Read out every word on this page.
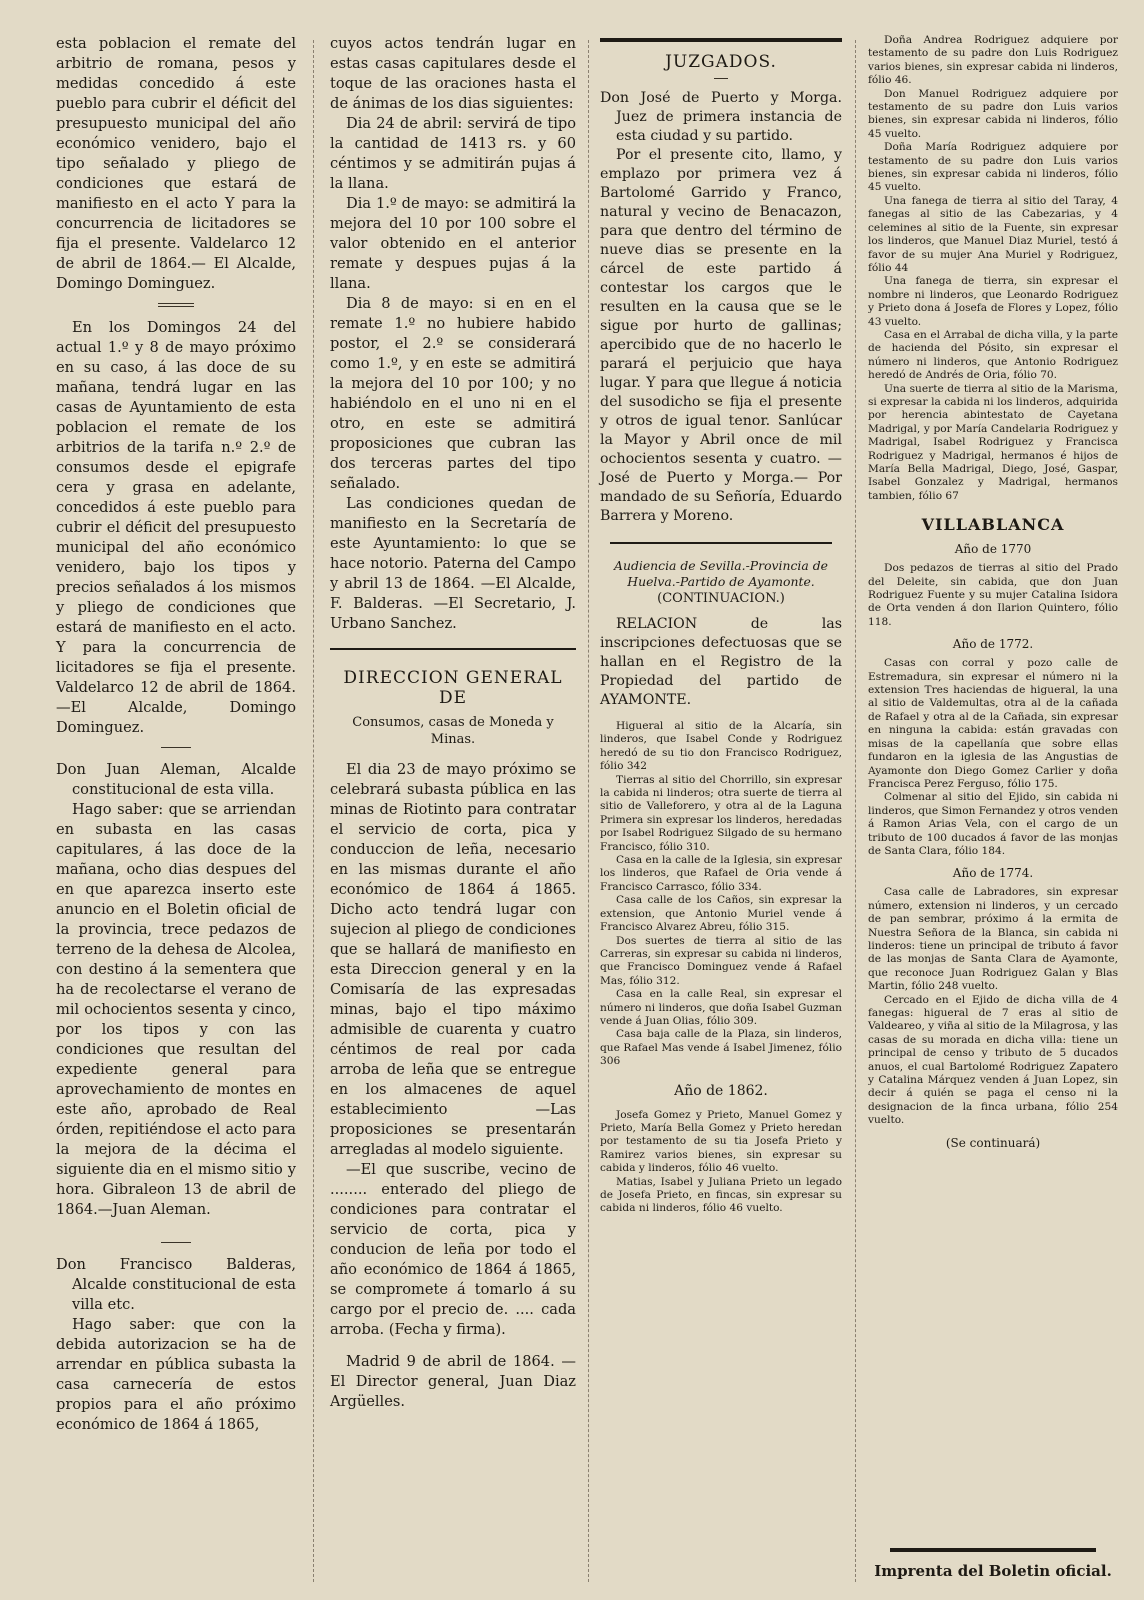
esta poblacion el remate del arbitrio de romana, pesos y medidas concedido á este pueblo para cubrir el déficit del presupuesto municipal del año económico venidero, bajo el tipo señalado y pliego de condiciones que estará de manifiesto en el acto Y para la concurrencia de licitadores se fija el presente. Valdelarco 12 de abril de 1864.— El Alcalde, Domingo Dominguez.

En los Domingos 24 del actual 1.º y 8 de mayo próximo en su caso, á las doce de su mañana, tendrá lugar en las casas de Ayuntamiento de esta poblacion el remate de los arbitrios de la tarifa n.º 2.º de consumos desde el epigrafe cera y grasa en adelante, concedidos á este pueblo para cubrir el déficit del presupuesto municipal del año económico venidero, bajo los tipos y precios señalados á los mismos y pliego de condiciones que estará de manifiesto en el acto. Y para la concurrencia de licitadores se fija el presente. Valdelarco 12 de abril de 1864. —El Alcalde, Domingo Dominguez.

Don Juan Aleman, Alcalde constitucional de esta villa.

Hago saber: que se arriendan en subasta en las casas capitulares, á las doce de la mañana, ocho dias despues del en que aparezca inserto este anuncio en el Boletin oficial de la provincia, trece pedazos de terreno de la dehesa de Alcolea, con destino á la sementera que ha de recolectarse el verano de mil ochocientos sesenta y cinco, por los tipos y con las condiciones que resultan del expediente general para aprovechamiento de montes en este año, aprobado de Real órden, repitiéndose el acto para la mejora de la décima el siguiente dia en el mismo sitio y hora. Gibraleon 13 de abril de 1864.—Juan Aleman.

Don Francisco Balderas, Alcalde constitucional de esta villa etc.

Hago saber: que con la debida autorizacion se ha de arrendar en pública subasta la casa carnecería de estos propios para el año próximo económico de 1864 á 1865,

cuyos actos tendrán lugar en estas casas capitulares desde el toque de las oraciones hasta el de ánimas de los dias siguientes:

Dia 24 de abril: servirá de tipo la cantidad de 1413 rs. y 60 céntimos y se admitirán pujas á la llana.

Dia 1.º de mayo: se admitirá la mejora del 10 por 100 sobre el valor obtenido en el anterior remate y despues pujas á la llana.

Dia 8 de mayo: si en en el remate 1.º no hubiere habido postor, el 2.º se considerará como 1.º, y en este se admitirá la mejora del 10 por 100; y no habiéndolo en el uno ni en el otro, en este se admitirá proposiciones que cubran las dos terceras partes del tipo señalado.

Las condiciones quedan de manifiesto en la Secretaría de este Ayuntamiento: lo que se hace notorio. Paterna del Campo y abril 13 de 1864. —El Alcalde, F. Balderas. —El Secretario, J. Urbano Sanchez.

DIRECCION GENERAL DE

Consumos, casas de Moneda y Minas.

El dia 23 de mayo próximo se celebrará subasta pública en las minas de Riotinto para contratar el servicio de corta, pica y conduccion de leña, necesario en las mismas durante el año económico de 1864 á 1865. Dicho acto tendrá lugar con sujecion al pliego de condiciones que se hallará de manifiesto en esta Direccion general y en la Comisaría de las expresadas minas, bajo el tipo máximo admisible de cuarenta y cuatro céntimos de real por cada arroba de leña que se entregue en los almacenes de aquel establecimiento —Las proposiciones se presentarán arregladas al modelo siguiente.

—El que suscribe, vecino de ........ enterado del pliego de condiciones para contratar el servicio de corta, pica y conducion de leña por todo el año económico de 1864 á 1865, se compromete á tomarlo á su cargo por el precio de. .... cada arroba. (Fecha y firma).

Madrid 9 de abril de 1864. —El Director general, Juan Diaz Argüelles.

JUZGADOS.

Don José de Puerto y Morga. Juez de primera instancia de esta ciudad y su partido.

Por el presente cito, llamo, y emplazo por primera vez á Bartolomé Garrido y Franco, natural y vecino de Benacazon, para que dentro del término de nueve dias se presente en la cárcel de este partido á contestar los cargos que le resulten en la causa que se le sigue por hurto de gallinas; apercibido que de no hacerlo le parará el perjuicio que haya lugar. Y para que llegue á noticia del susodicho se fija el presente y otros de igual tenor. Sanlúcar la Mayor y Abril once de mil ochocientos sesenta y cuatro. —José de Puerto y Morga.— Por mandado de su Señoría, Eduardo Barrera y Moreno.

Audiencia de Sevilla.-Provincia de Huelva.-Partido de Ayamonte.

(CONTINUACION.)

RELACION de las inscripciones defectuosas que se hallan en el Registro de la Propiedad del partido de AYAMONTE.

Higueral al sitio de la Alcaría, sin linderos, que Isabel Conde y Rodriguez heredó de su tio don Francisco Rodriguez, fólio 342

Tierras al sitio del Chorrillo, sin expresar la cabida ni linderos; otra suerte de tierra al sitio de Valleforero, y otra al de la Laguna Primera sin expresar los linderos, heredadas por Isabel Rodriguez Silgado de su hermano Francisco, fólio 310.

Casa en la calle de la Iglesia, sin expresar los linderos, que Rafael de Oria vende á Francisco Carrasco, fólio 334.

Casa calle de los Caños, sin expresar la extension, que Antonio Muriel vende á Francisco Alvarez Abreu, fólio 315.

Dos suertes de tierra al sitio de las Carreras, sin expresar su cabida ni linderos, que Francisco Dominguez vende á Rafael Mas, fólio 312.

Casa en la calle Real, sin expresar el número ni linderos, que doña Isabel Guzman vende á Juan Olias, fólio 309.

Casa baja calle de la Plaza, sin linderos, que Rafael Mas vende á Isabel Jimenez, fólio 306

Año de 1862.

Josefa Gomez y Prieto, Manuel Gomez y Prieto, María Bella Gomez y Prieto heredan por testamento de su tia Josefa Prieto y Ramirez varios bienes, sin expresar su cabida y linderos, fólio 46 vuelto.

Matias, Isabel y Juliana Prieto un legado de Josefa Prieto, en fincas, sin expresar su cabida ni linderos, fólio 46 vuelto.

Doña Andrea Rodriguez adquiere por testamento de su padre don Luis Rodriguez varios bienes, sin expresar cabida ni linderos, fólio 46.

Don Manuel Rodriguez adquiere por testamento de su padre don Luis varios bienes, sin expresar cabida ni linderos, fólio 45 vuelto.

Doña María Rodriguez adquiere por testamento de su padre don Luis varios bienes, sin expresar cabida ni linderos, fólio 45 vuelto.

Una fanega de tierra al sitio del Taray, 4 fanegas al sitio de las Cabezarias, y 4 celemines al sitio de la Fuente, sin expresar los linderos, que Manuel Diaz Muriel, testó á favor de su mujer Ana Muriel y Rodriguez, fólio 44

Una fanega de tierra, sin expresar el nombre ni linderos, que Leonardo Rodriguez y Prieto dona á Josefa de Flores y Lopez, fólio 43 vuelto.

Casa en el Arrabal de dicha villa, y la parte de hacienda del Pósito, sin expresar el número ni linderos, que Antonio Rodriguez heredó de Andrés de Oria, fólio 70.

Una suerte de tierra al sitio de la Marisma, si expresar la cabida ni los linderos, adquirida por herencia abintestato de Cayetana Madrigal, y por María Candelaria Rodriguez y Madrigal, Isabel Rodriguez y Francisca Rodriguez y Madrigal, hermanos é hijos de María Bella Madrigal, Diego, José, Gaspar, Isabel Gonzalez y Madrigal, hermanos tambien, fólio 67

VILLABLANCA

Año de 1770

Dos pedazos de tierras al sitio del Prado del Deleite, sin cabida, que don Juan Rodriguez Fuente y su mujer Catalina Isidora de Orta venden á don Ilarion Quintero, fólio 118.

Año de 1772.

Casas con corral y pozo calle de Estremadura, sin expresar el número ni la extension Tres haciendas de higueral, la una al sitio de Valdemultas, otra al de la cañada de Rafael y otra al de la Cañada, sin expresar en ninguna la cabida: están gravadas con misas de la capellanía que sobre ellas fundaron en la iglesia de las Angustias de Ayamonte don Diego Gomez Carlier y doña Francisca Perez Ferguso, fólio 175.

Colmenar al sitio del Ejido, sin cabida ni linderos, que Simon Fernandez y otros venden á Ramon Arias Vela, con el cargo de un tributo de 100 ducados á favor de las monjas de Santa Clara, fólio 184.

Año de 1774.

Casa calle de Labradores, sin expresar número, extension ni linderos, y un cercado de pan sembrar, próximo á la ermita de Nuestra Señora de la Blanca, sin cabida ni linderos: tiene un principal de tributo á favor de las monjas de Santa Clara de Ayamonte, que reconoce Juan Rodriguez Galan y Blas Martin, fólio 248 vuelto.

Cercado en el Ejido de dicha villa de 4 fanegas: higueral de 7 eras al sitio de Valdeareo, y viña al sitio de la Milagrosa, y las casas de su morada en dicha villa: tiene un principal de censo y tributo de 5 ducados anuos, el cual Bartolomé Rodriguez Zapatero y Catalina Márquez venden á Juan Lopez, sin decir á quién se paga el censo ni la designacion de la finca urbana, fólio 254 vuelto.

(Se continuará)

Imprenta del Boletin oficial.
